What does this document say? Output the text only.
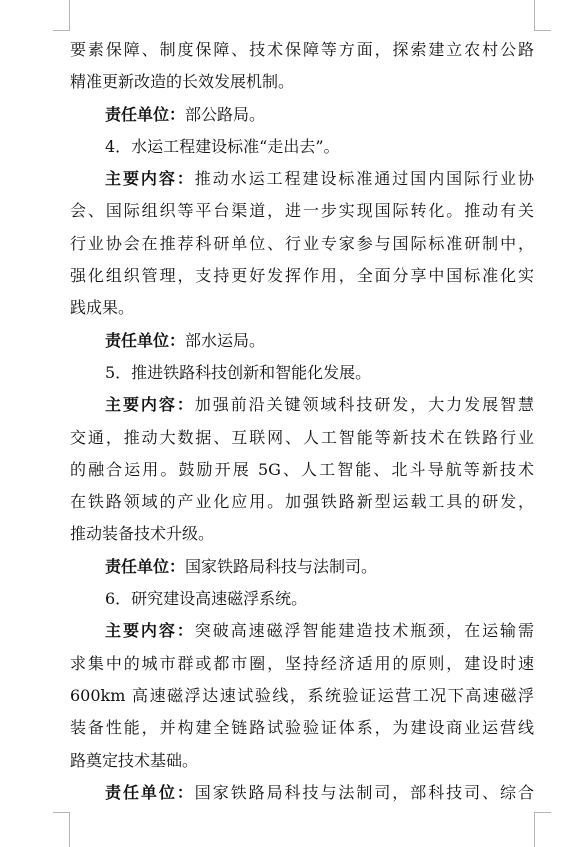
要素保障、制度保障、技术保障等方面，探索建立农村公路
精准更新改造的长效发展机制。
责任单位：部公路局。
4．水运工程建设标准“走出去”。
主要内容：推动水运工程建设标准通过国内国际行业协
会、国际组织等平台渠道，进一步实现国际转化。推动有关
行业协会在推荐科研单位、行业专家参与国际标准研制中，
强化组织管理，支持更好发挥作用，全面分享中国标准化实
践成果。
责任单位：部水运局。
5．推进铁路科技创新和智能化发展。
主要内容：加强前沿关键领域科技研发，大力发展智慧
交通，推动大数据、互联网、人工智能等新技术在铁路行业
的融合运用。鼓励开展 5G、人工智能、北斗导航等新技术
在铁路领域的产业化应用。加强铁路新型运载工具的研发，
推动装备技术升级。
责任单位：国家铁路局科技与法制司。
6．研究建设高速磁浮系统。
主要内容：突破高速磁浮智能建造技术瓶颈，在运输需
求集中的城市群或都市圈，坚持经济适用的原则，建设时速
600km 高速磁浮达速试验线，系统验证运营工况下高速磁浮
装备性能，并构建全链路试验验证体系，为建设商业运营线
路奠定技术基础。
责任单位：国家铁路局科技与法制司，部科技司、综合
